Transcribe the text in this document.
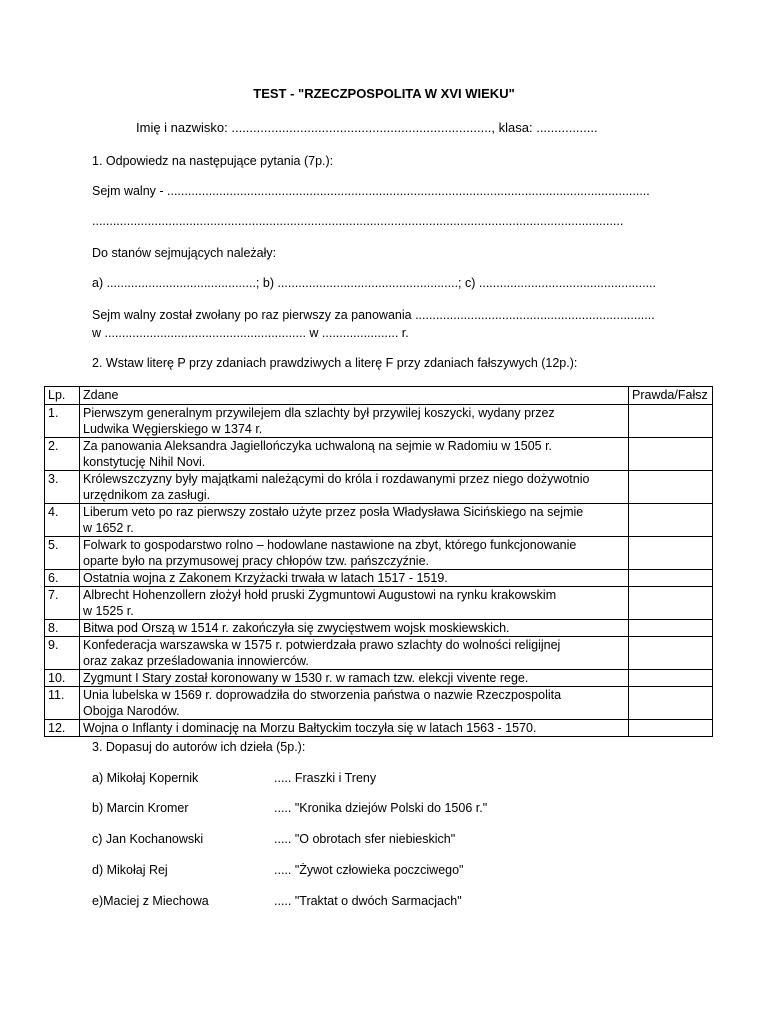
TEST - "RZECZPOSPOLITA W XVI WIEKU"
Imię i nazwisko: ........................................................................, klasa: .................
1. Odpowiedz na następujące pytania (7p.):
Sejm walny - ...........................................................................................................................................
.........................................................................................................................................................
Do stanów sejmujących należały:
a) ...........................................; b) ....................................................; c) ...................................................
Sejm walny został zwołany po raz pierwszy za panowania .....................................................................
w .......................................................... w ...................... r.
2. Wstaw literę P przy zdaniach prawdziwych a literę F przy zdaniach fałszywych (12p.):
Lp.	Zdane	Prawda/Fałsz
1.	Pierwszym generalnym przywilejem dla szlachty był przywilej koszycki, wydany przez
Ludwika Węgierskiego w 1374 r.	

2.	Za panowania Aleksandra Jagiellończyka uchwaloną na sejmie w Radomiu w 1505 r.
konstytucję Nihil Novi.	

3.	Królewszczyzny były majątkami należącymi do króla i rozdawanymi przez niego dożywotnio
urzędnikom za zasługi.	

4.	Liberum veto po raz pierwszy zostało użyte przez posła Władysława Sicińskiego na sejmie
w 1652 r.	

5.	Folwark to gospodarstwo rolno – hodowlane nastawione na zbyt, którego funkcjonowanie
oparte było na przymusowej pracy chłopów tzw. pańszczyźnie.	

6.	Ostatnia wojna z Zakonem Krzyżacki trwała w latach 1517 - 1519.	
7.	Albrecht Hohenzollern złożył hołd pruski Zygmuntowi Augustowi na rynku krakowskim
w 1525 r.	

8.	Bitwa pod Orszą w 1514 r. zakończyła się zwycięstwem wojsk moskiewskich.	
9.	Konfederacja warszawska w 1575 r. potwierdzała prawo szlachty do wolności religijnej
oraz zakaz prześladowania innowierców.	

10.	Zygmunt I Stary został koronowany w 1530 r. w ramach tzw. elekcji vivente rege.	
11.	Unia lubelska w 1569 r. doprowadziła do stworzenia państwa o nazwie Rzeczpospolita
Obojga Narodów.	

12.	Wojna o Inflanty i dominację na Morzu Bałtyckim toczyła się w latach 1563 - 1570.	
3. Dopasuj do autorów ich dzieła (5p.):
a) Mikołaj Kopernik	..... Fraszki i Treny
b) Marcin Kromer	..... "Kronika dziejów Polski do 1506 r."
c) Jan Kochanowski	..... "O obrotach sfer niebieskich"
d) Mikołaj Rej	..... "Żywot człowieka poczciwego"
e)Maciej z Miechowa	..... "Traktat o dwóch Sarmacjach"
